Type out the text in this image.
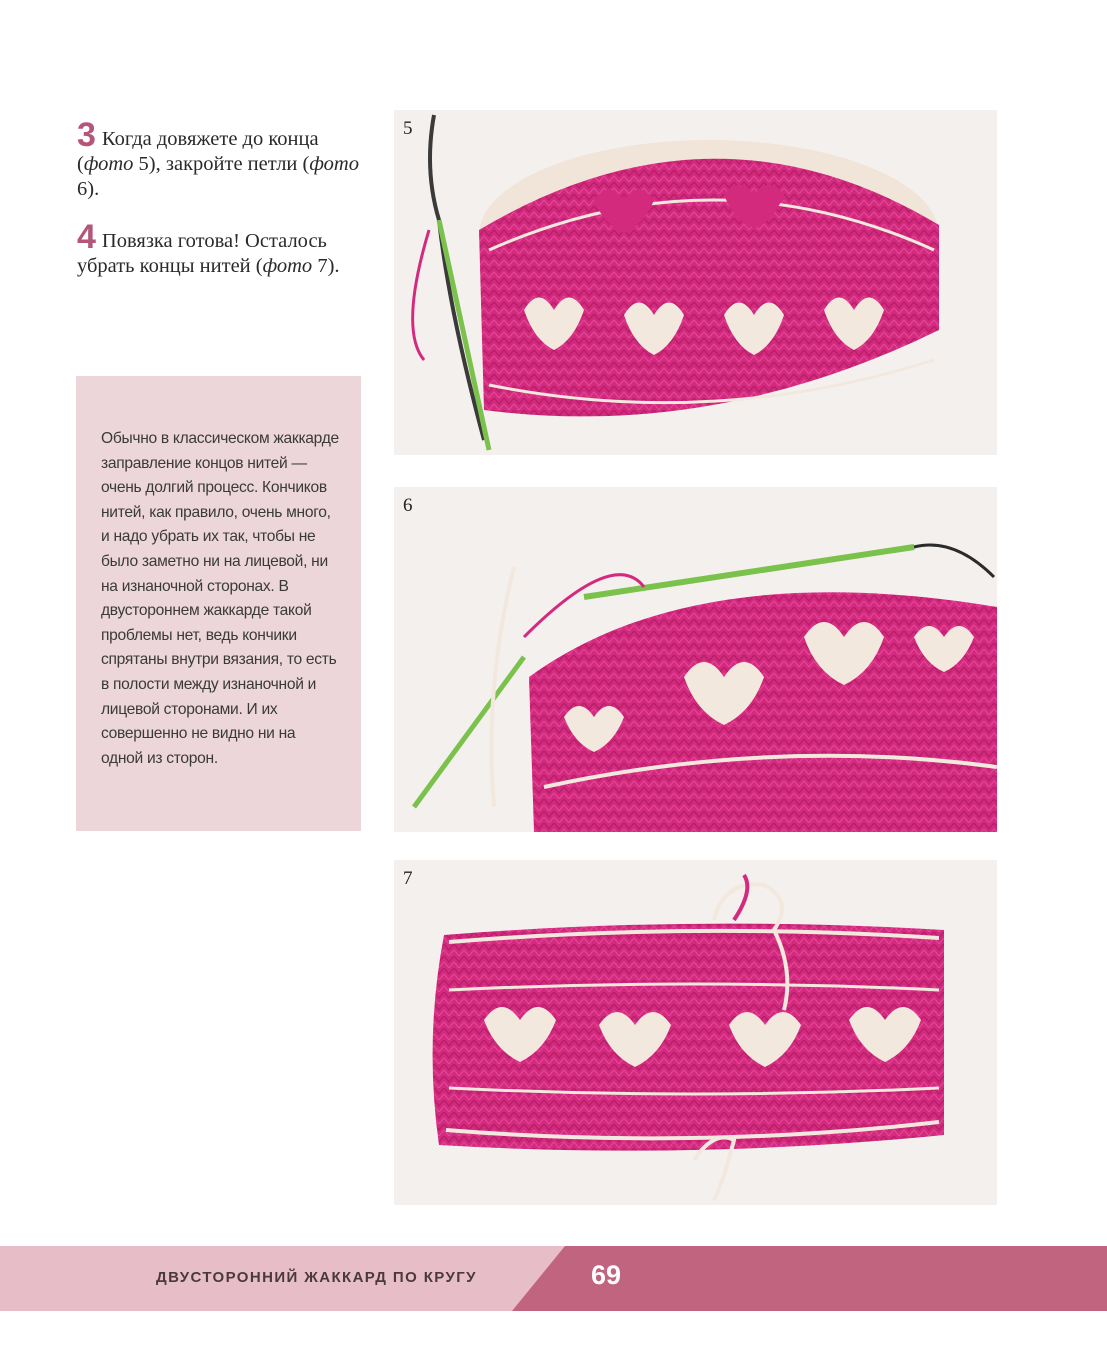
3 Когда довяжете до конца (фото 5), закройте петли (фото 6).
4 Повязка готова! Осталось убрать концы нитей (фото 7).
Обычно в классическом жаккарде заправление концов нитей — очень долгий процесс. Кончиков нитей, как правило, очень много, и надо убрать их так, чтобы не было заметно ни на лицевой, ни на изнаночной сторонах. В двустороннем жаккарде такой проблемы нет, ведь кончики спрятаны внутри вязания, то есть в полости между изнаночной и лицевой сторонами. И их совершенно не видно ни на одной из сторон.
5
6
7
ДВУСТОРОННИЙ ЖАККАРД ПО КРУГУ	69
